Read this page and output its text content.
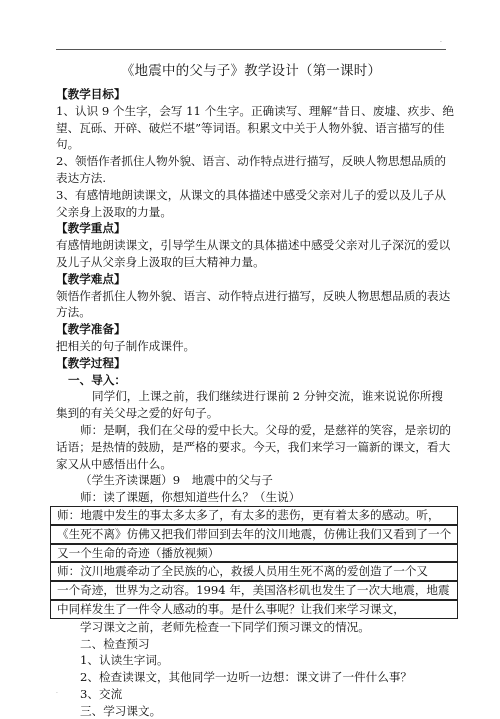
·
《地震中的父与子》教学设计（第一课时）
【教学目标】
1、认识 9 个生字，会写 11 个生字。正确读写、理解“昔日、废墟、疚步、绝
望、瓦砾、开碎、破烂不堪”等词语。积累文中关于人物外貌、语言描写的佳
句。
2、领悟作者抓住人物外貌、语言、动作特点进行描写，反映人物思想品质的
表达方法.
3、有感情地朗读课文，从课文的具体描述中感受父亲对儿子的爱以及儿子从
父亲身上汲取的力量。
【教学重点】
有感情地朗读课文，引导学生从课文的具体描述中感受父亲对儿子深沉的爱以
及儿子从父亲身上汲取的巨大精神力量。
【教学难点】
领悟作者抓住人物外貌、语言、动作特点进行描写，反映人物思想品质的表达
方法。
【教学准备】
把相关的句子制作成课件。
【教学过程】
一、导入：
同学们，上课之前，我们继续进行课前 2 分钟交流，谁来说说你所搜
集到的有关父母之爱的好句子。
师：是啊，我们在父母的爱中长大。父母的爱，是慈祥的笑容，是亲切的
话语；是热情的鼓励，是严格的要求。今天，我们来学习一篇新的课文，看大
家又从中感悟出什么。
（学生齐读课题）9　地震中的父与子
师：读了课题，你想知道些什么？（生说）
师：地震中发生的事太多太多了，有太多的悲伤，更有着太多的感动。听，
《生死不离》仿佛又把我们带回到去年的汶川地震，仿佛让我们又看到了一个
又一个生命的奇迹（播放视频）
师：汶川地震牵动了全民族的心，救援人员用生死不离的爱创造了一个又
一个奇迹，世界为之动容。1994 年，美国洛杉矶也发生了一次大地震，地震
中同样发生了一件令人感动的事。是什么事呢？让我们来学习课文，
学习课文之前，老师先检查一下同学们预习课文的情况。
二、检查预习
1、认读生字词。
2、检查读课文，其他同学一边听一边想：课文讲了一件什么事？
3、交流
三、学习课文。
·
